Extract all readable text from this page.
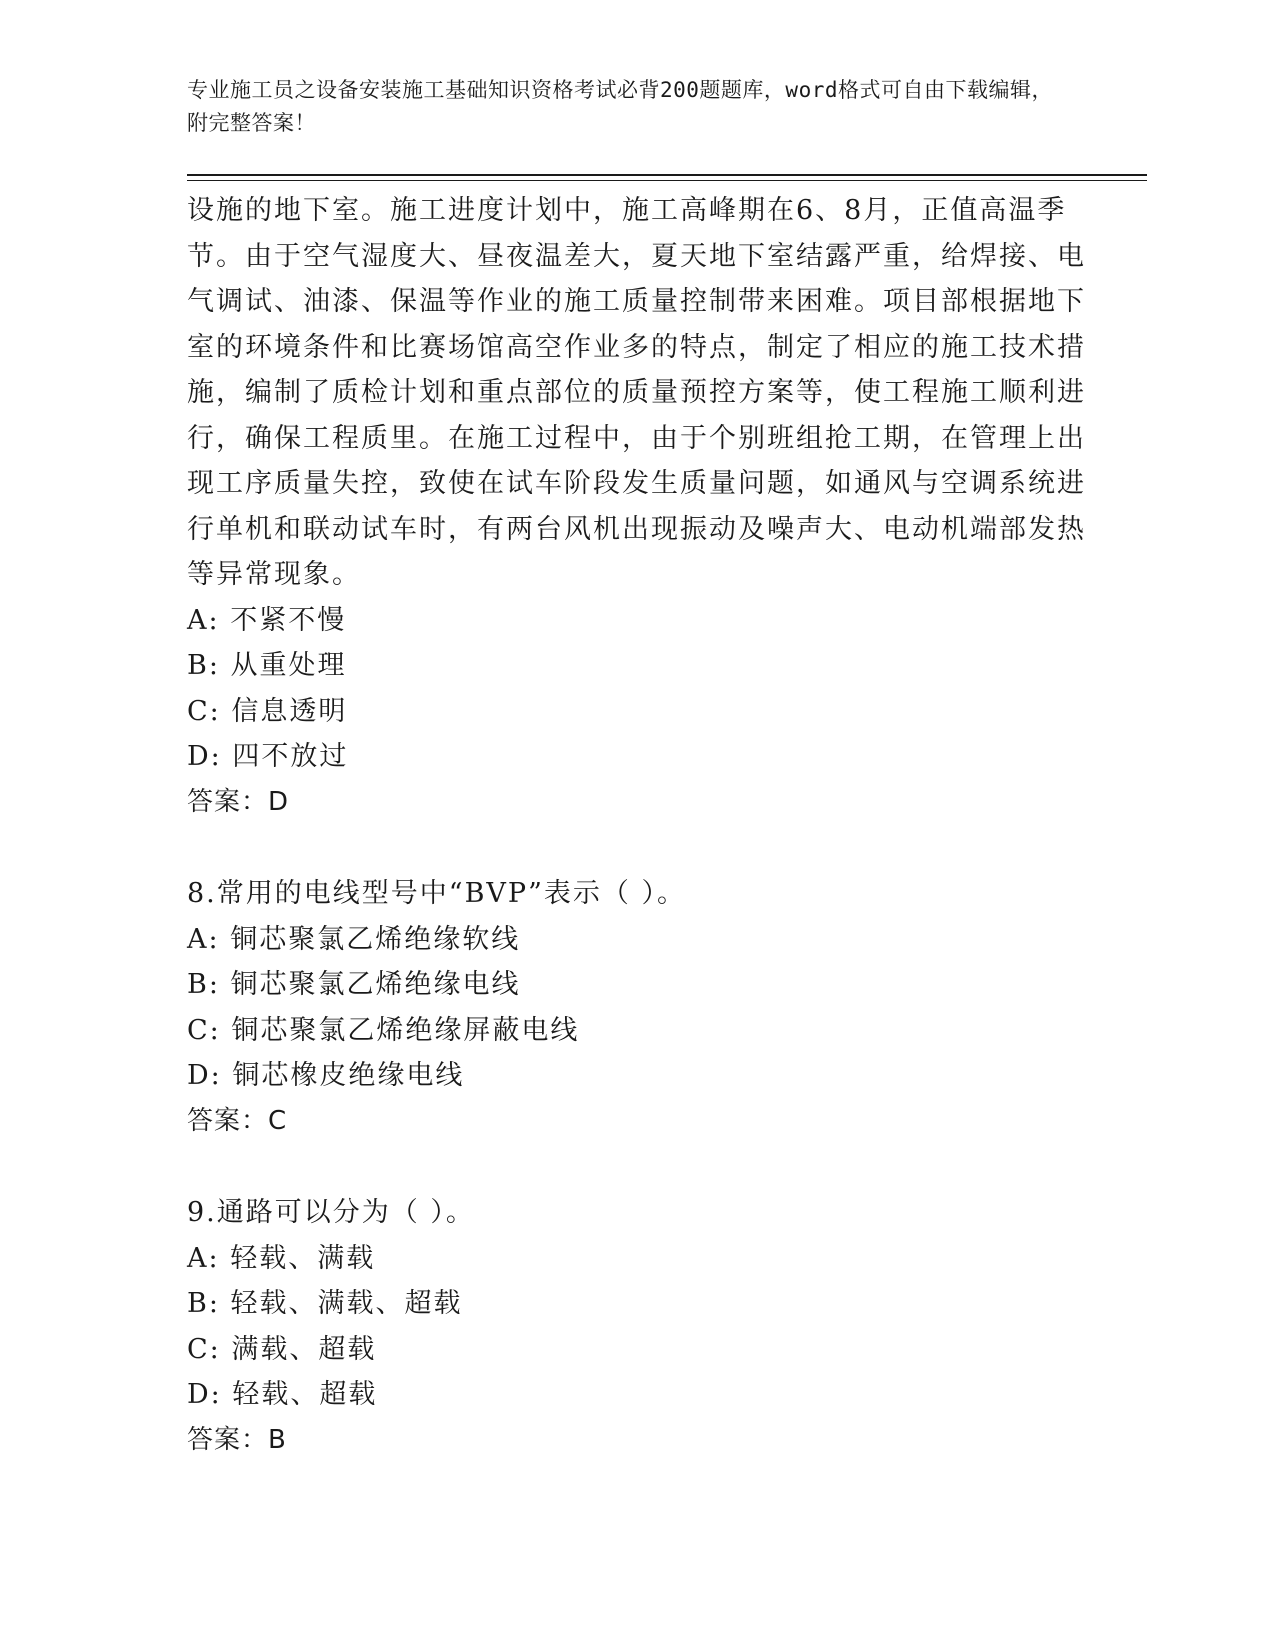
专业施工员之设备安装施工基础知识资格考试必背200题题库，word格式可自由下载编辑，附完整答案！

设施的地下室。施工进度计划中，施工高峰期在6、8月，正值高温季节。由于空气湿度大、昼夜温差大，夏天地下室结露严重，给焊接、电气调试、油漆、保温等作业的施工质量控制带来困难。项目部根据地下室的环境条件和比赛场馆高空作业多的特点，制定了相应的施工技术措施，编制了质检计划和重点部位的质量预控方案等，使工程施工顺利进行，确保工程质里。在施工过程中，由于个别班组抢工期，在管理上出现工序质量失控，致使在试车阶段发生质量问题，如通风与空调系统进行单机和联动试车时，有两台风机出现振动及噪声大、电动机端部发热等异常现象。

A: 不紧不慢
B: 从重处理
C: 信息透明
D: 四不放过
答案：D
8.常用的电线型号中“BVP”表示（ ）。
A: 铜芯聚氯乙烯绝缘软线
B: 铜芯聚氯乙烯绝缘电线
C: 铜芯聚氯乙烯绝缘屏蔽电线
D: 铜芯橡皮绝缘电线
答案：C
9.通路可以分为（ ）。
A: 轻载、满载
B: 轻载、满载、超载
C: 满载、超载
D: 轻载、超载
答案：B
